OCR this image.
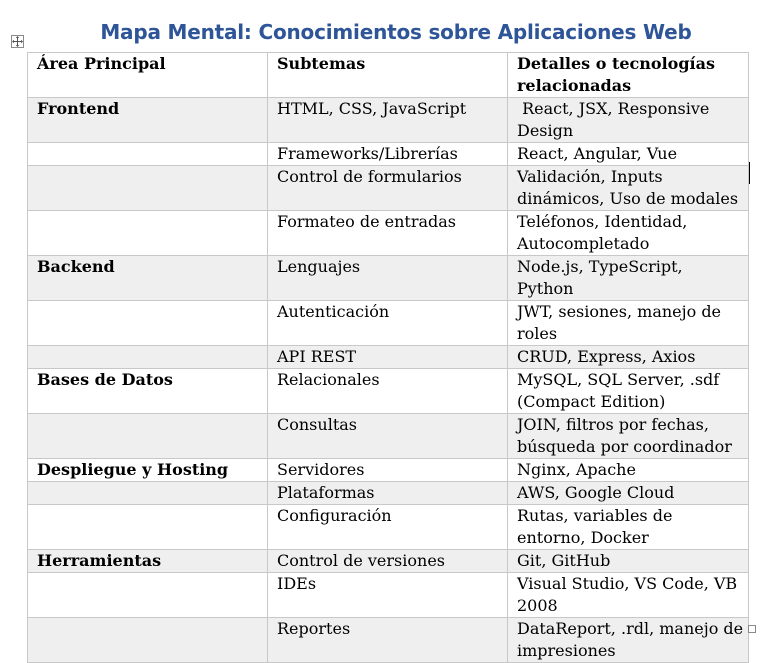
Mapa Mental: Conocimientos sobre Aplicaciones Web
Área Principal	Subtemas	Detalles o tecnologías relacionadas
Frontend	HTML, CSS, JavaScript	React, JSX, Responsive Design
	Frameworks/Librerías	React, Angular, Vue
	Control de formularios	Validación, Inputs dinámicos, Uso de modales
	Formateo de entradas	Teléfonos, Identidad, Autocompletado
Backend	Lenguajes	Node.js, TypeScript, Python
	Autenticación	JWT, sesiones, manejo de roles
	API REST	CRUD, Express, Axios
Bases de Datos	Relacionales	MySQL, SQL Server, .sdf (Compact Edition)
	Consultas	JOIN, filtros por fechas, búsqueda por coordinador
Despliegue y Hosting	Servidores	Nginx, Apache
	Plataformas	AWS, Google Cloud
	Configuración	Rutas, variables de entorno, Docker
Herramientas	Control de versiones	Git, GitHub
	IDEs	Visual Studio, VS Code, VB 2008
	Reportes	DataReport, .rdl, manejo de impresiones
